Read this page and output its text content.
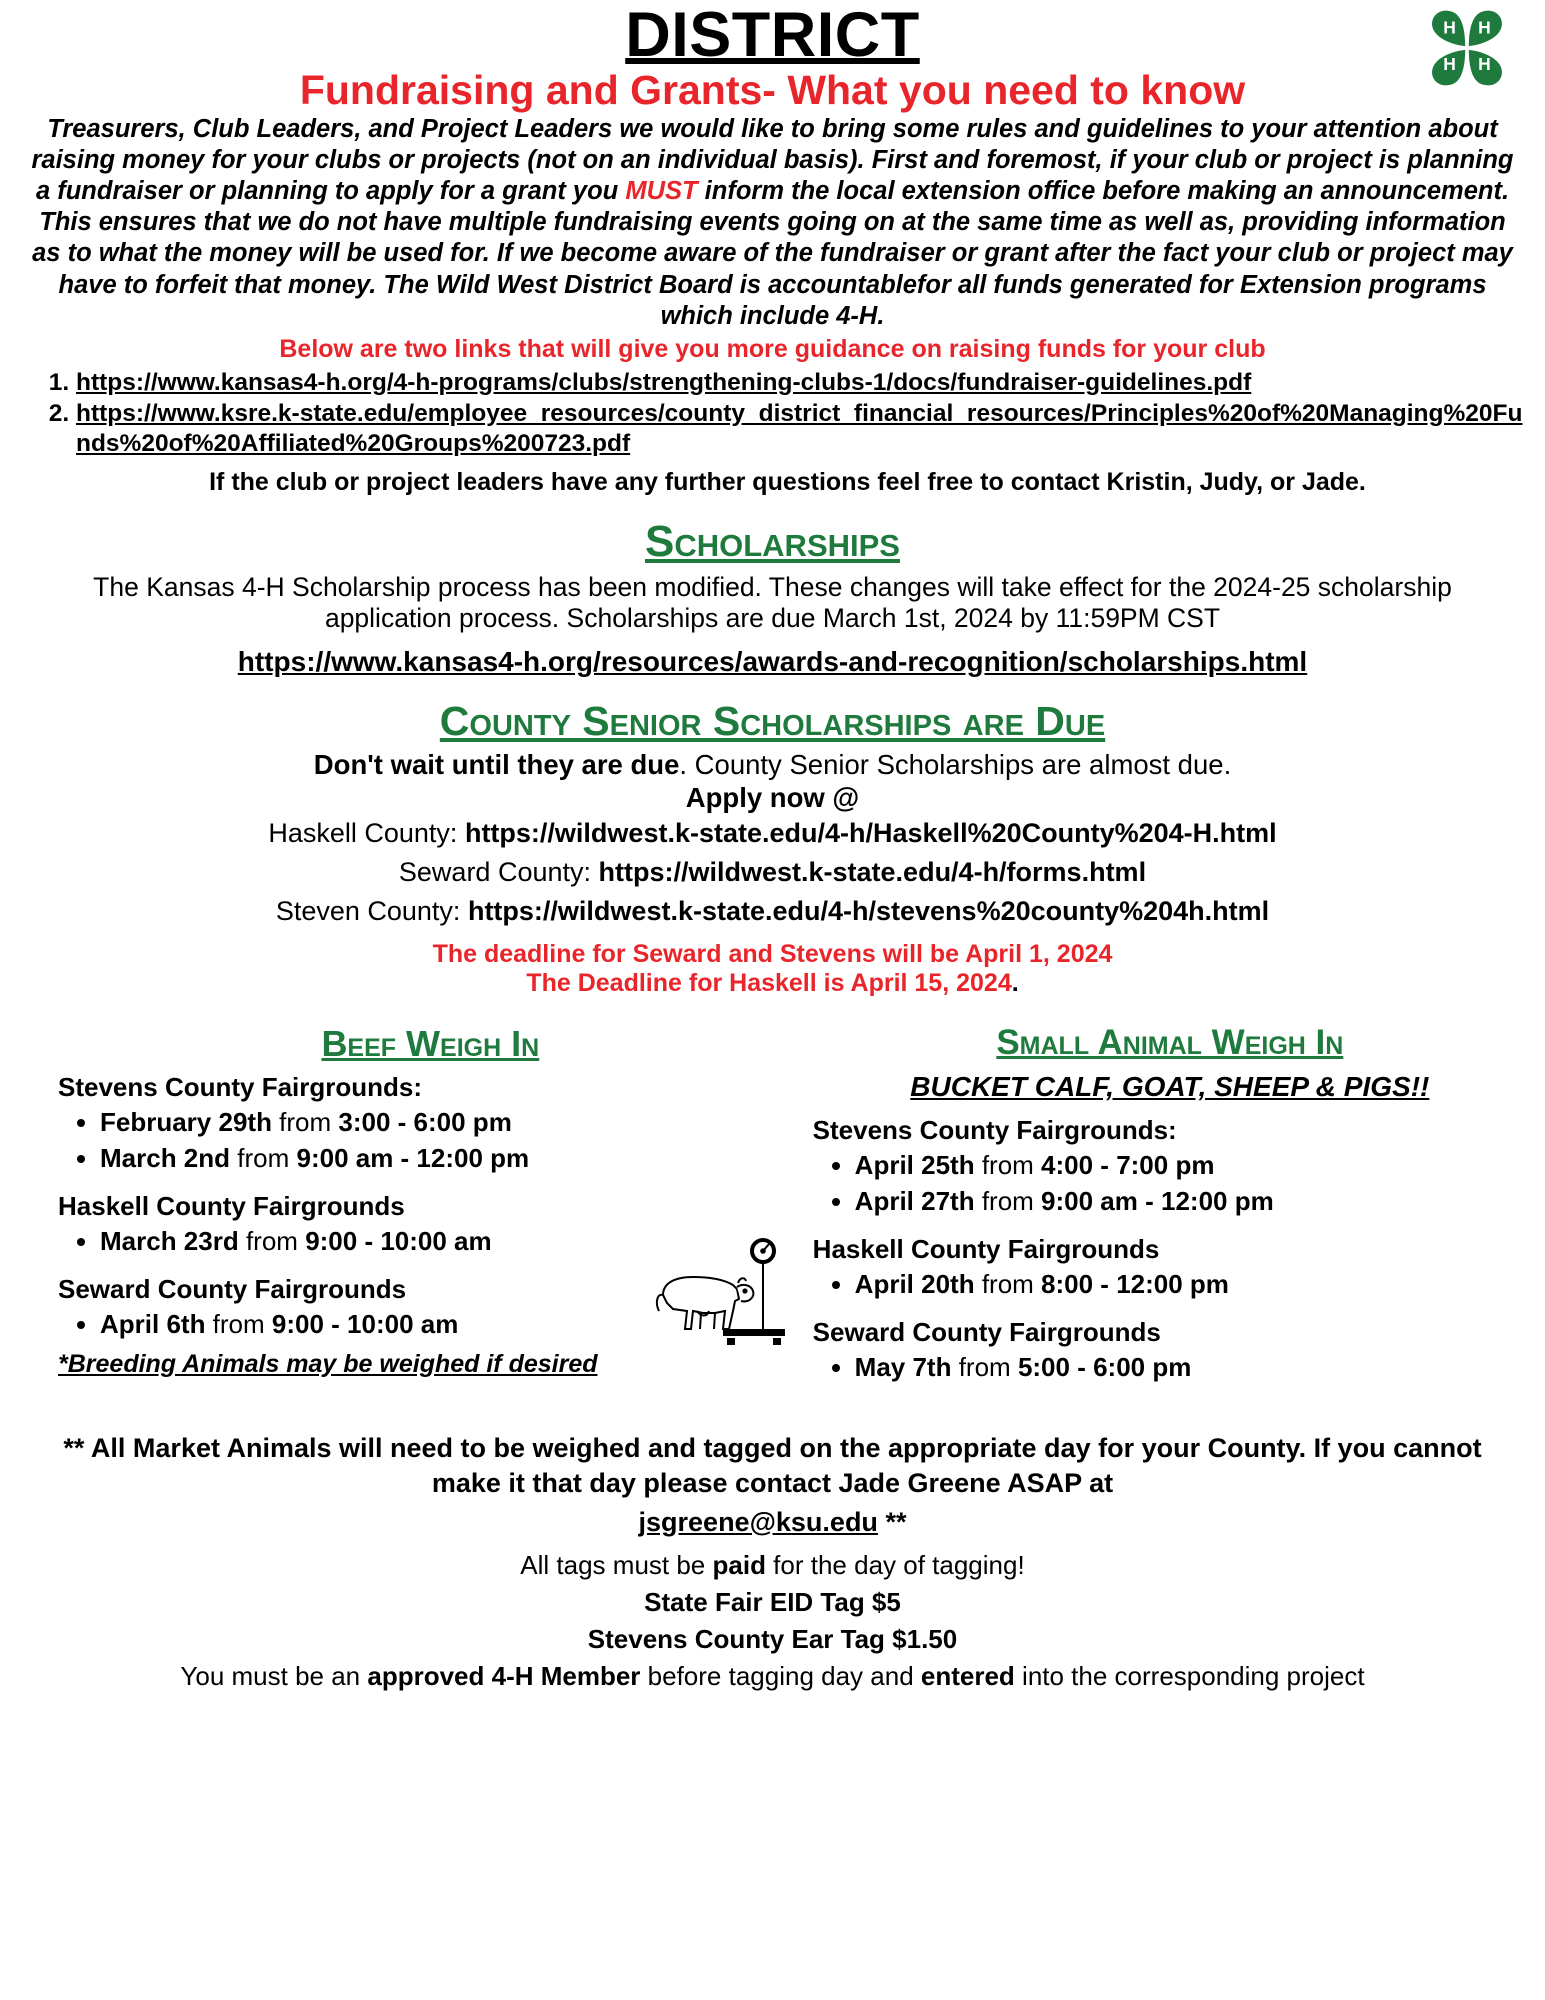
H H
H H
DISTRICT
Fundraising and Grants- What you need to know
Treasurers, Club Leaders, and Project Leaders we would like to bring some rules and guidelines to your attention about raising money for your clubs or projects (not on an individual basis). First and foremost, if your club or project is planning a fundraiser or planning to apply for a grant you MUST inform the local extension office before making an announcement. This ensures that we do not have multiple fundraising events going on at the same time as well as, providing information as to what the money will be used for. If we become aware of the fundraiser or grant after the fact your club or project may have to forfeit that money. The Wild West District Board is accountablefor all funds generated for Extension programs which include 4-H.
Below are two links that will give you more guidance on raising funds for your club
1. https://www.kansas4-h.org/4-h-programs/clubs/strengthening-clubs-1/docs/fundraiser-guidelines.pdf
2. https://www.ksre.k-state.edu/employee_resources/county_district_financial_resources/Principles%20of%20Managing%20Funds%20of%20Affiliated%20Groups%200723.pdf
If the club or project leaders have any further questions feel free to contact Kristin, Judy, or Jade.
Scholarships
The Kansas 4-H Scholarship process has been modified. These changes will take effect for the 2024-25 scholarship application process. Scholarships are due March 1st, 2024 by 11:59PM CST
https://www.kansas4-h.org/resources/awards-and-recognition/scholarships.html
County Senior Scholarships are Due
Don't wait until they are due. County Senior Scholarships are almost due.
Apply now @
Haskell County: https://wildwest.k-state.edu/4-h/Haskell%20County%204-H.html
Seward County: https://wildwest.k-state.edu/4-h/forms.html
Steven County: https://wildwest.k-state.edu/4-h/stevens%20county%204h.html
The deadline for Seward and Stevens will be April 1, 2024
The Deadline for Haskell is April 15, 2024.
Beef Weigh In
Stevens County Fairgrounds:
• February 29th from 3:00 - 6:00 pm
• March 2nd from 9:00 am - 12:00 pm
Haskell County Fairgrounds
• March 23rd from 9:00 - 10:00 am
Seward County Fairgrounds
• April 6th from 9:00 - 10:00 am
*Breeding Animals may be weighed if desired
Small Animal Weigh In
BUCKET CALF, GOAT, SHEEP & PIGS!!
Stevens County Fairgrounds:
• April 25th from 4:00 - 7:00 pm
• April 27th from 9:00 am - 12:00 pm
Haskell County Fairgrounds
• April 20th from 8:00 - 12:00 pm
Seward County Fairgrounds
• May 7th from 5:00 - 6:00 pm
** All Market Animals will need to be weighed and tagged on the appropriate day for your County. If you cannot make it that day please contact Jade Greene ASAP at
jsgreene@ksu.edu **
All tags must be paid for the day of tagging!
State Fair EID Tag $5
Stevens County Ear Tag $1.50
You must be an approved 4-H Member before tagging day and entered into the corresponding project
